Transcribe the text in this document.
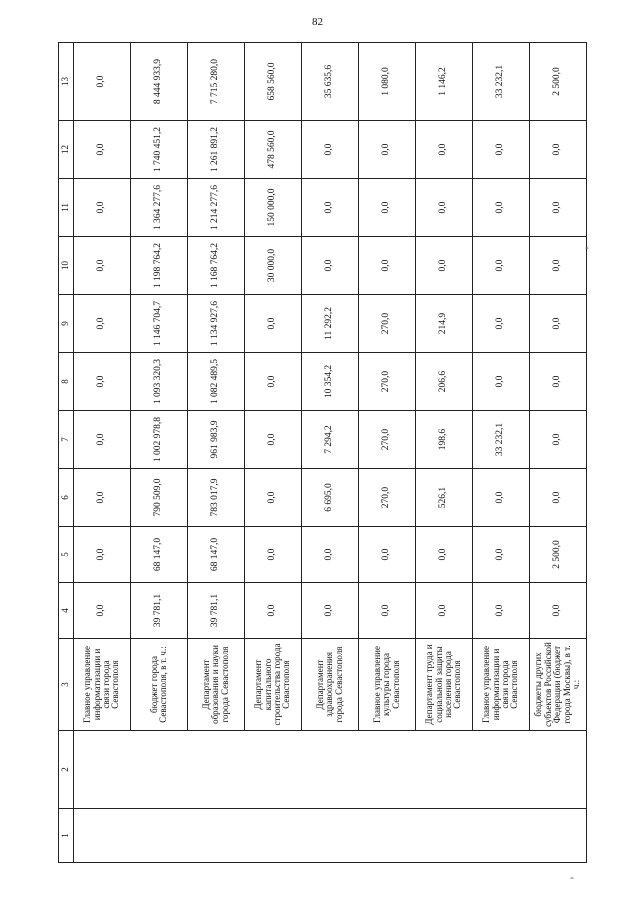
82
1	2	3	4	5	6	7	8	9	10	11	12	13
		Главное управление информатизации и связи города Севастополя	0,0	0,0	0,0	0,0	0,0	0,0	0,0	0,0	0,0	0,0
		бюджет города Севастополя, в т. ч.:	39 781,1	68 147,0	790 509,0	1 002 978,8	1 093 320,3	1 146 704,7	1 198 764,2	1 364 277,6	1 740 451,2	8 444 933,9
		Департамент образования и науки города Севастополя	39 781,1	68 147,0	783 017,9	961 983,9	1 082 489,5	1 134 927,6	1 168 764,2	1 214 277,6	1 261 891,2	7 715 280,0
		Департамент капитального строительства города Севастополя	0,0	0,0	0,0	0,0	0,0	0,0	30 000,0	150 000,0	478 560,0	658 560,0
		Департамент здравоохранения города Севастополя	0,0	0,0	6 695,0	7 294,2	10 354,2	11 292,2	0,0	0,0	0,0	35 635,6
		Главное управление культуры города Севастополя	0,0	0,0	270,0	270,0	270,0	270,0	0,0	0,0	0,0	1 080,0
		Департамент труда и социальной защиты населения города Севастополя	0,0	0,0	526,1	198,6	206,6	214,9	0,0	0,0	0,0	1 146,2
		Главное управление информатизации и связи города Севастополя	0,0	0,0	0,0	33 232,1	0,0	0,0	0,0	0,0	0,0	33 232,1
		бюджеты других субъектов Российской Федерации (бюджет города Москвы), в т. ч.:	0,0	2 500,0	0,0	0,0	0,0	0,0	0,0	0,0	0,0	2 500,0
-
-
